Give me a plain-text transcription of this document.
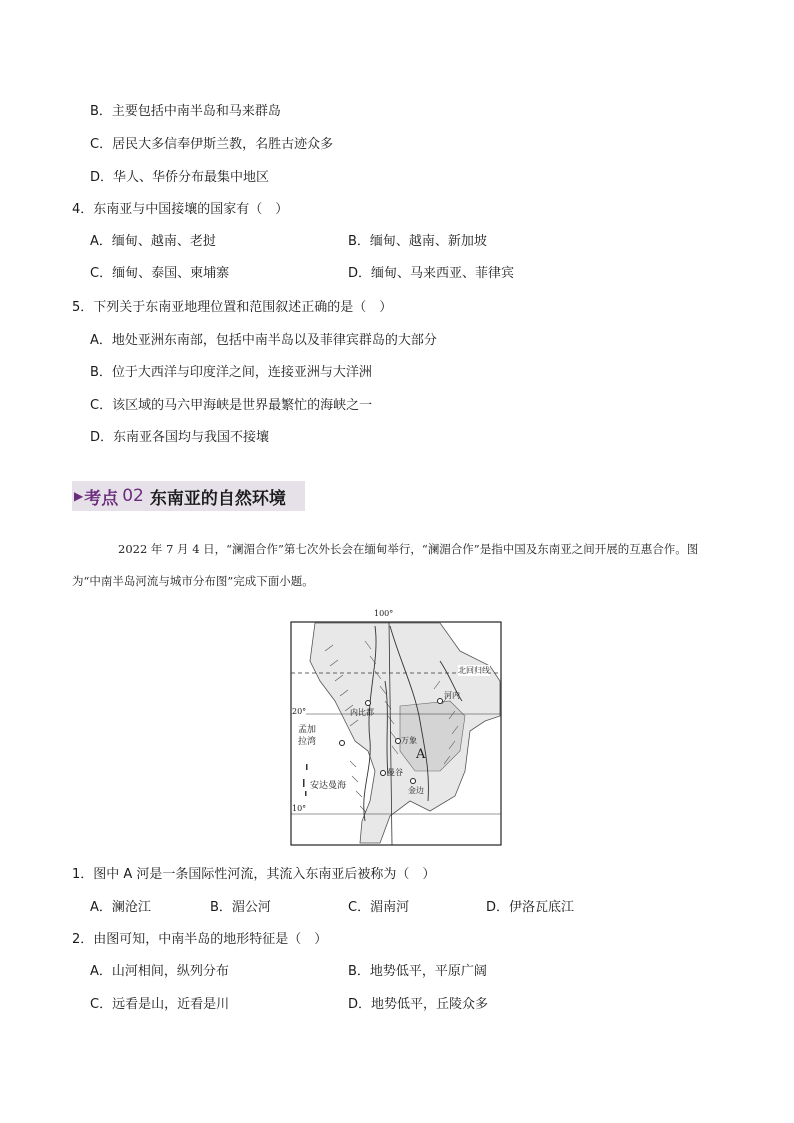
B．主要包括中南半岛和马来群岛
C．居民大多信奉伊斯兰教，名胜古迹众多
D．华人、华侨分布最集中地区
4．东南亚与中国接壤的国家有（　）
A．缅甸、越南、老挝	B．缅甸、越南、新加坡
C．缅甸、泰国、柬埔寨	D．缅甸、马来西亚、菲律宾
5．下列关于东南亚地理位置和范围叙述正确的是（　）
A．地处亚洲东南部，包括中南半岛以及菲律宾群岛的大部分
B．位于大西洋与印度洋之间，连接亚洲与大洋洲
C．该区域的马六甲海峡是世界最繁忙的海峡之一
D．东南亚各国均与我国不接壤
▶ 考点 02 东南亚的自然环境
2022 年 7 月 4 日，“澜湄合作”第七次外长会在缅甸举行，“澜湄合作”是指中国及东南亚之间开展的互惠合作。图为“中南半岛河流与城市分布图”完成下面小题。
100°
北回归线
20°
10°
孟加
拉湾
安达曼海
内比都
河内
万象
曼谷
金边
A
1．图中 A 河是一条国际性河流，其流入东南亚后被称为（　）
A．澜沧江	B．湄公河	C．湄南河	D．伊洛瓦底江
2．由图可知，中南半岛的地形特征是（　）
A．山河相间，纵列分布	B．地势低平，平原广阔
C．远看是山，近看是川	D．地势低平，丘陵众多
